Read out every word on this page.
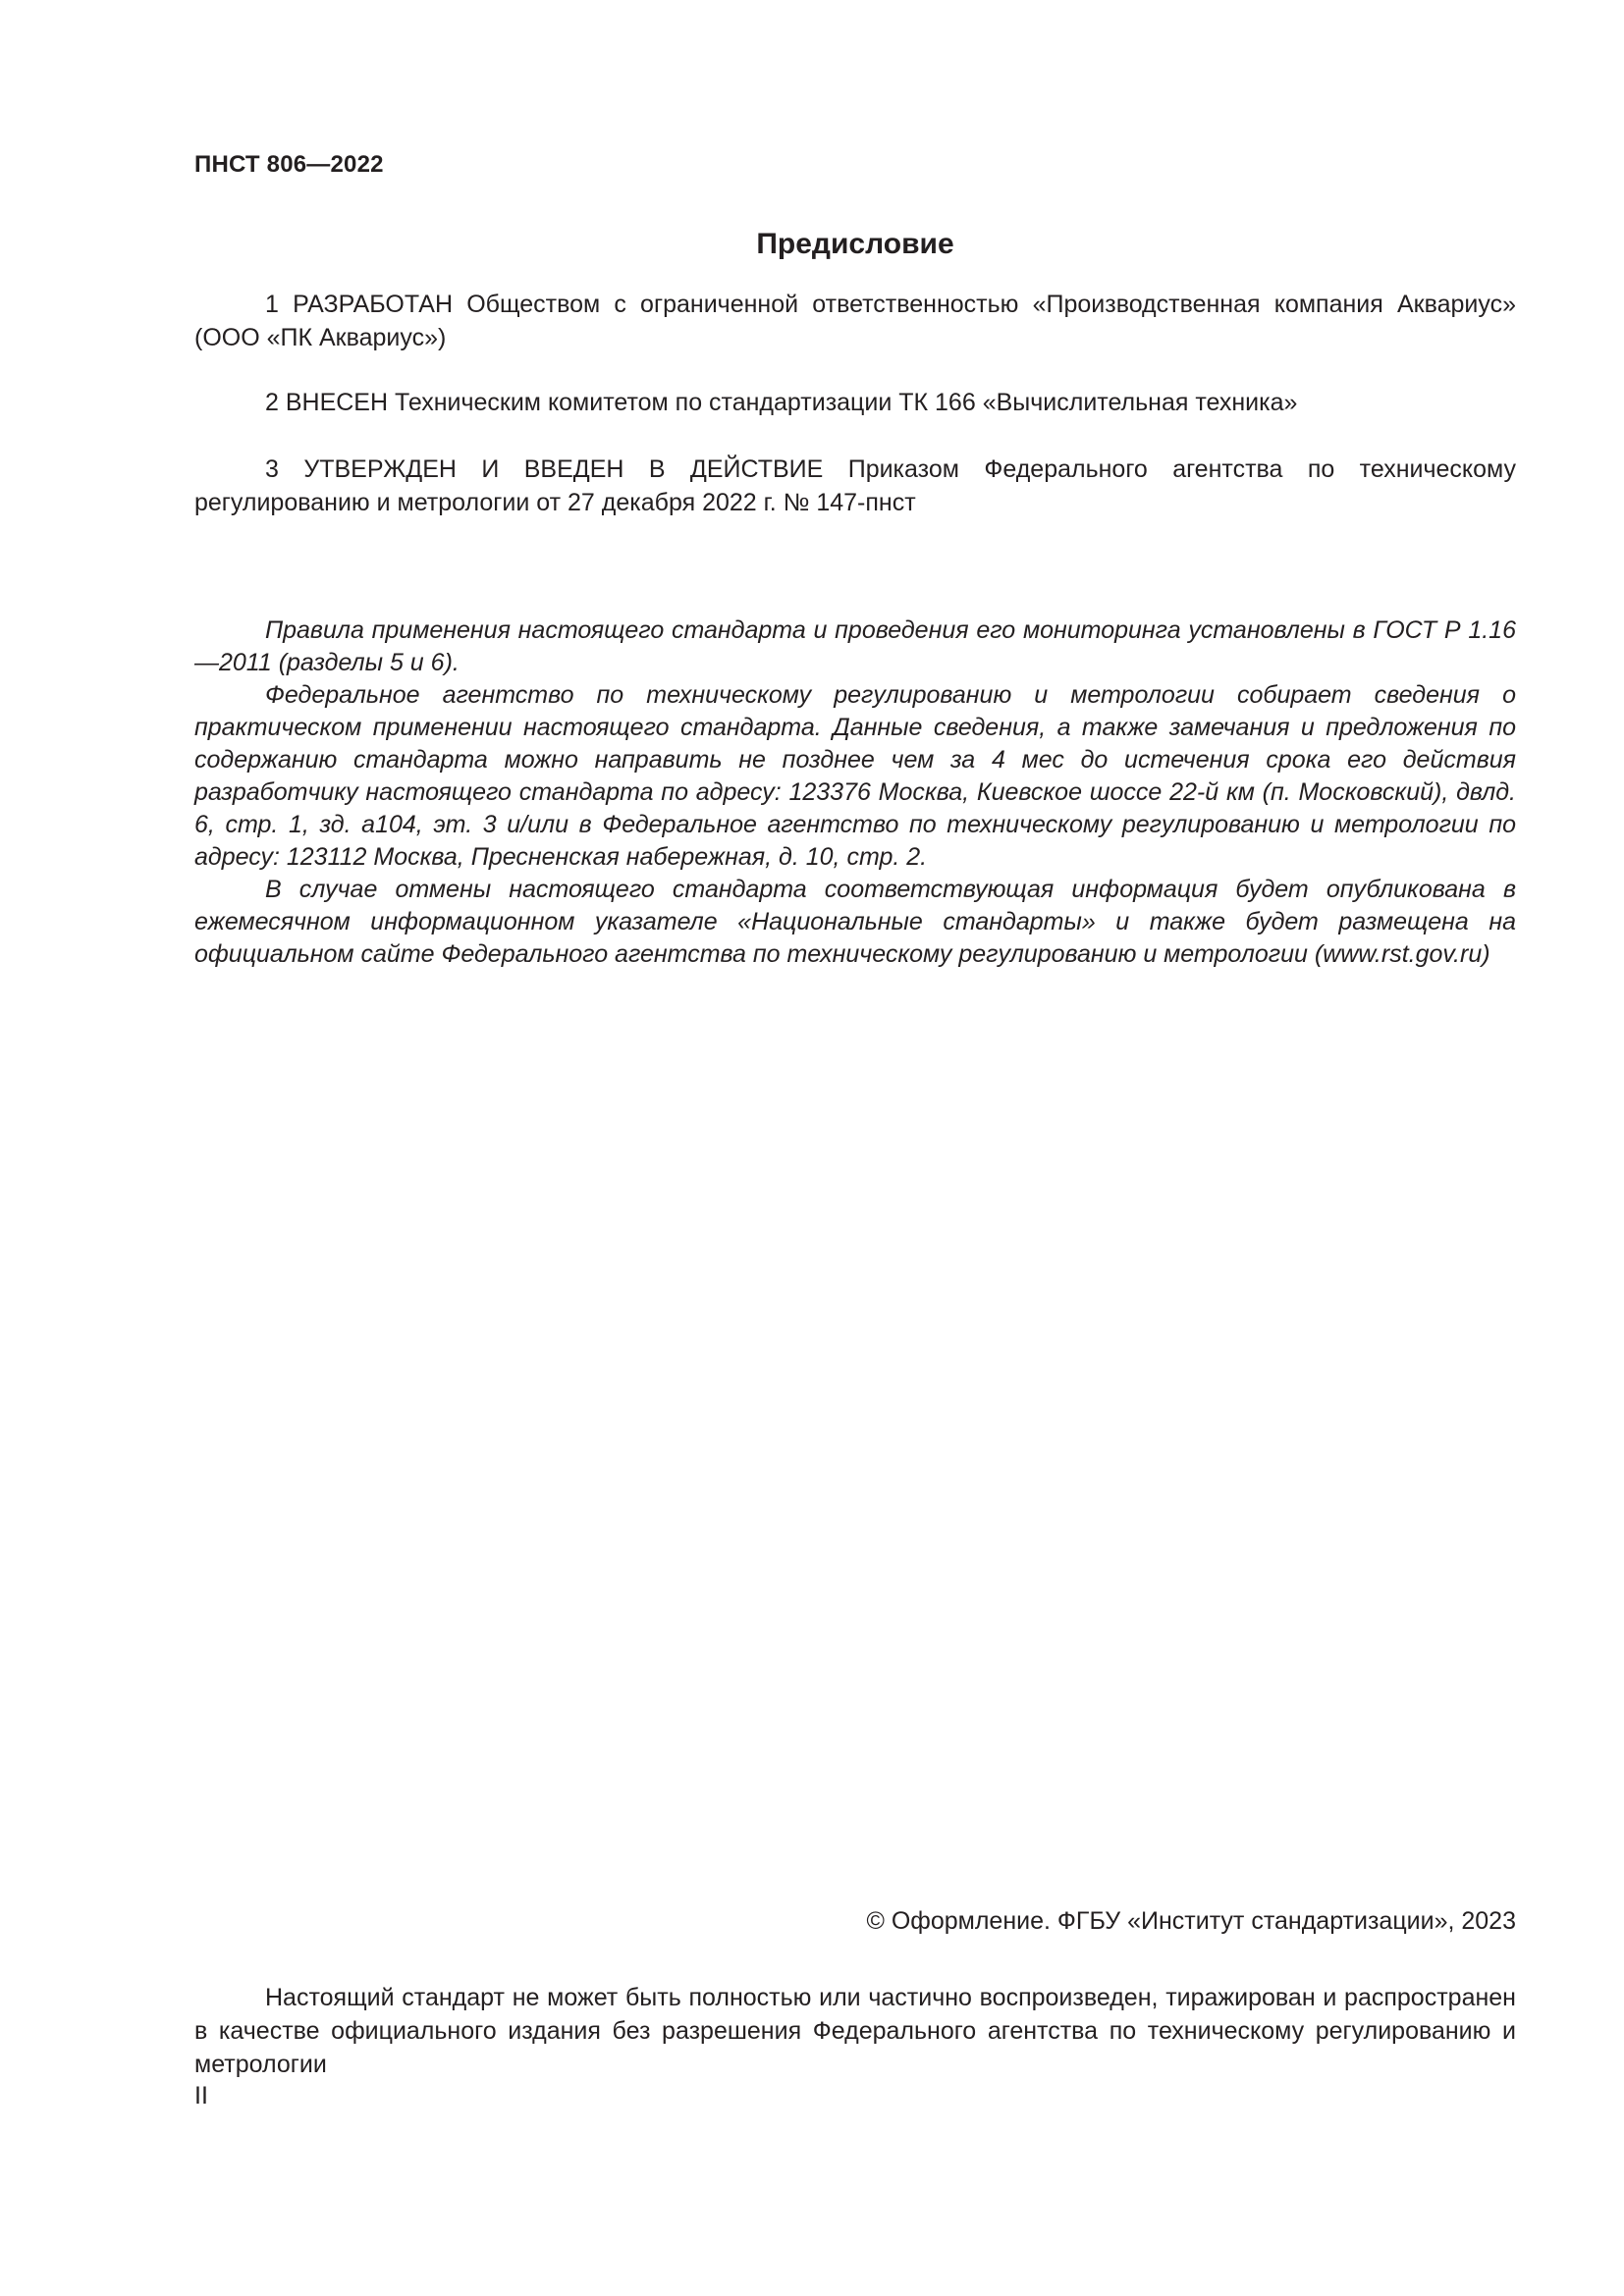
ПНСТ 806—2022
Предисловие

1 РАЗРАБОТАН Обществом с ограниченной ответственностью «Производственная компания Аквариус» (ООО «ПК Аквариус»)

2 ВНЕСЕН Техническим комитетом по стандартизации ТК 166 «Вычислительная техника»

3 УТВЕРЖДЕН И ВВЕДЕН В ДЕЙСТВИЕ Приказом Федерального агентства по техническому регулированию и метрологии от 27 декабря 2022 г. № 147-пнст

Правила применения настоящего стандарта и проведения его мониторинга установлены в ГОСТ Р 1.16—2011 (разделы 5 и 6).

Федеральное агентство по техническому регулированию и метрологии собирает сведения о практическом применении настоящего стандарта. Данные сведения, а также замечания и предложения по содержанию стандарта можно направить не позднее чем за 4 мес до истечения срока его действия разработчику настоящего стандарта по адресу: 123376 Москва, Киевское шоссе 22-й км (п. Московский), двлд. 6, стр. 1, зд. а104, эт. 3 и/или в Федеральное агентство по техническому регулированию и метрологии по адресу: 123112 Москва, Пресненская набережная, д. 10, стр. 2.

В случае отмены настоящего стандарта соответствующая информация будет опубликована в ежемесячном информационном указателе «Национальные стандарты» и также будет размещена на официальном сайте Федерального агентства по техническому регулированию и метрологии (www.rst.gov.ru)

© Оформление. ФГБУ «Институт стандартизации», 2023

Настоящий стандарт не может быть полностью или частично воспроизведен, тиражирован и распространен в качестве официального издания без разрешения Федерального агентства по техническому регулированию и метрологии

II
